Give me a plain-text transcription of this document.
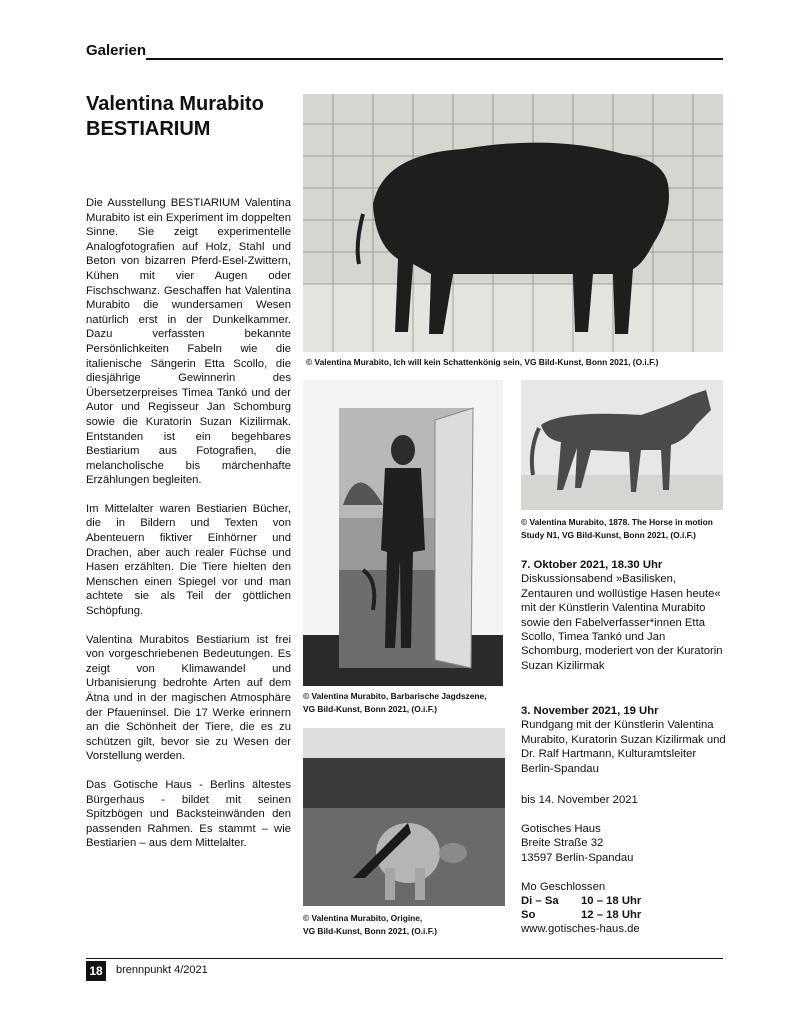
Galerien
Valentina Murabito
BESTIARIUM

Die Ausstellung BESTIARIUM Valentina Murabito ist ein Experiment im doppelten Sinne. Sie zeigt experimentelle Analogfotografien auf Holz, Stahl und Beton von bizarren Pferd-Esel-Zwittern, Kühen mit vier Augen oder Fischschwanz. Geschaffen hat Valentina Murabito die wundersamen Wesen natürlich erst in der Dunkelkammer. Dazu verfassten bekannte Persönlichkeiten Fabeln wie die italienische Sängerin Etta Scollo, die diesjährige Gewinnerin des Übersetzerpreises Timea Tankó und der Autor und Regisseur Jan Schomburg sowie die Kuratorin Suzan Kizilirmak. Entstanden ist ein begehbares Bestiarium aus Fotografien, die melancholische bis märchenhafte Erzählungen begleiten.

Im Mittelalter waren Bestiarien Bücher, die in Bildern und Texten von Abenteuern fiktiver Einhörner und Drachen, aber auch realer Füchse und Hasen erzählten. Die Tiere hielten den Menschen einen Spiegel vor und man achtete sie als Teil der göttlichen Schöpfung.

Valentina Murabitos Bestiarium ist frei von vorgeschriebenen Bedeutungen. Es zeigt von Klimawandel und Urbanisierung bedrohte Arten auf dem Ätna und in der magischen Atmosphäre der Pfaueninsel. Die 17 Werke erinnern an die Schönheit der Tiere, die es zu schützen gilt, bevor sie zu Wesen der Vorstellung werden.

Das Gotische Haus - Berlins ältestes Bürgerhaus - bildet mit seinen Spitzbögen und Backsteinwänden den passenden Rahmen. Es stammt – wie Bestiarien – aus dem Mittelalter.

© Valentina Murabito, Ich will kein Schattenkönig sein, VG Bild-Kunst, Bonn 2021, (O.i.F.)
© Valentina Murabito, Barbarische Jagdszene,
VG Bild-Kunst, Bonn 2021, (O.i.F.)
© Valentina Murabito, 1878. The Horse in motion
Study N1, VG Bild-Kunst, Bonn 2021, (O.i.F.)
© Valentina Murabito, Origine,
VG Bild-Kunst, Bonn 2021, (O.i.F.)
7. Oktober 2021, 18.30 Uhr
Diskussionsabend »Basilisken, Zentauren und wollüstige Hasen heute« mit der Künstlerin Valentina Murabito sowie den Fabelverfasser*innen Etta Scollo, Timea Tankó und Jan Schomburg, moderiert von der Kuratorin Suzan Kizilirmak
3. November 2021, 19 Uhr
Rundgang mit der Künstlerin Valentina Murabito, Kuratorin Suzan Kizilirmak und Dr. Ralf Hartmann, Kulturamtsleiter Berlin-Spandau
bis 14. November 2021
Gotisches Haus
Breite Straße 32
13597 Berlin-Spandau
Mo Geschlossen
Di – Sa	10 – 18 Uhr
So	12 – 18 Uhr
www.gotisches-haus.de
18	brennpunkt 4/2021
